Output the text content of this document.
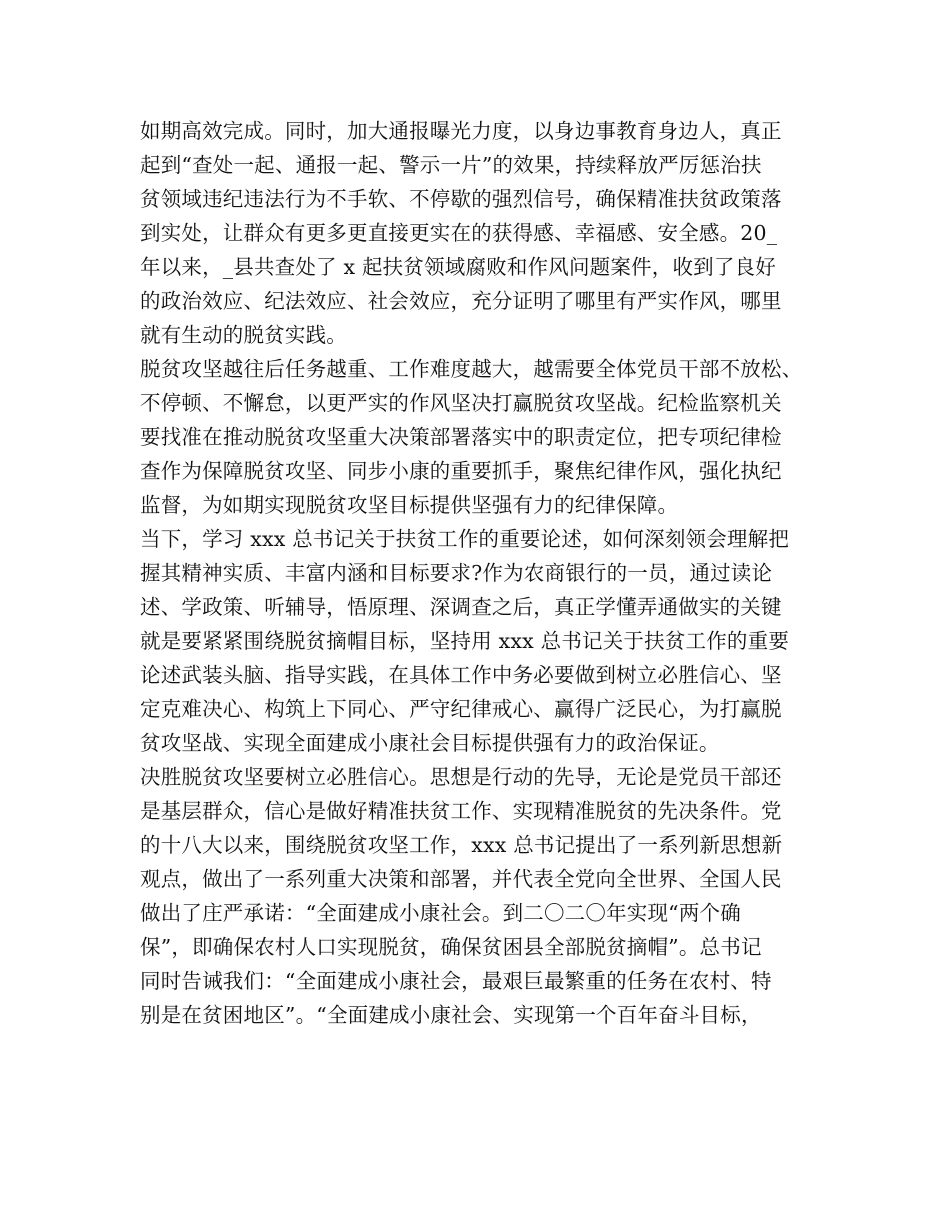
如期高效完成。同时，加大通报曝光力度，以身边事教育身边人，真正
起到“查处一起、通报一起、警示一片”的效果，持续释放严厉惩治扶
贫领域违纪违法行为不手软、不停歇的强烈信号，确保精准扶贫政策落
到实处，让群众有更多更直接更实在的获得感、幸福感、安全感。20_
年以来，_县共查处了 x 起扶贫领域腐败和作风问题案件，收到了良好
的政治效应、纪法效应、社会效应，充分证明了哪里有严实作风，哪里
就有生动的脱贫实践。
脱贫攻坚越往后任务越重、工作难度越大，越需要全体党员干部不放松、
不停顿、不懈怠，以更严实的作风坚决打赢脱贫攻坚战。纪检监察机关
要找准在推动脱贫攻坚重大决策部署落实中的职责定位，把专项纪律检
查作为保障脱贫攻坚、同步小康的重要抓手，聚焦纪律作风，强化执纪
监督，为如期实现脱贫攻坚目标提供坚强有力的纪律保障。
当下，学习 xxx 总书记关于扶贫工作的重要论述，如何深刻领会理解把
握其精神实质、丰富内涵和目标要求?作为农商银行的一员，通过读论
述、学政策、听辅导，悟原理、深调查之后，真正学懂弄通做实的关键
就是要紧紧围绕脱贫摘帽目标，坚持用 xxx 总书记关于扶贫工作的重要
论述武装头脑、指导实践，在具体工作中务必要做到树立必胜信心、坚
定克难决心、构筑上下同心、严守纪律戒心、赢得广泛民心，为打赢脱
贫攻坚战、实现全面建成小康社会目标提供强有力的政治保证。
决胜脱贫攻坚要树立必胜信心。思想是行动的先导，无论是党员干部还
是基层群众，信心是做好精准扶贫工作、实现精准脱贫的先决条件。党
的十八大以来，围绕脱贫攻坚工作，xxx 总书记提出了一系列新思想新
观点，做出了一系列重大决策和部署，并代表全党向全世界、全国人民
做出了庄严承诺：“全面建成小康社会。到二〇二〇年实现“两个确
保”，即确保农村人口实现脱贫，确保贫困县全部脱贫摘帽”。总书记
同时告诫我们：“全面建成小康社会，最艰巨最繁重的任务在农村、特
别是在贫困地区”。“全面建成小康社会、实现第一个百年奋斗目标，
